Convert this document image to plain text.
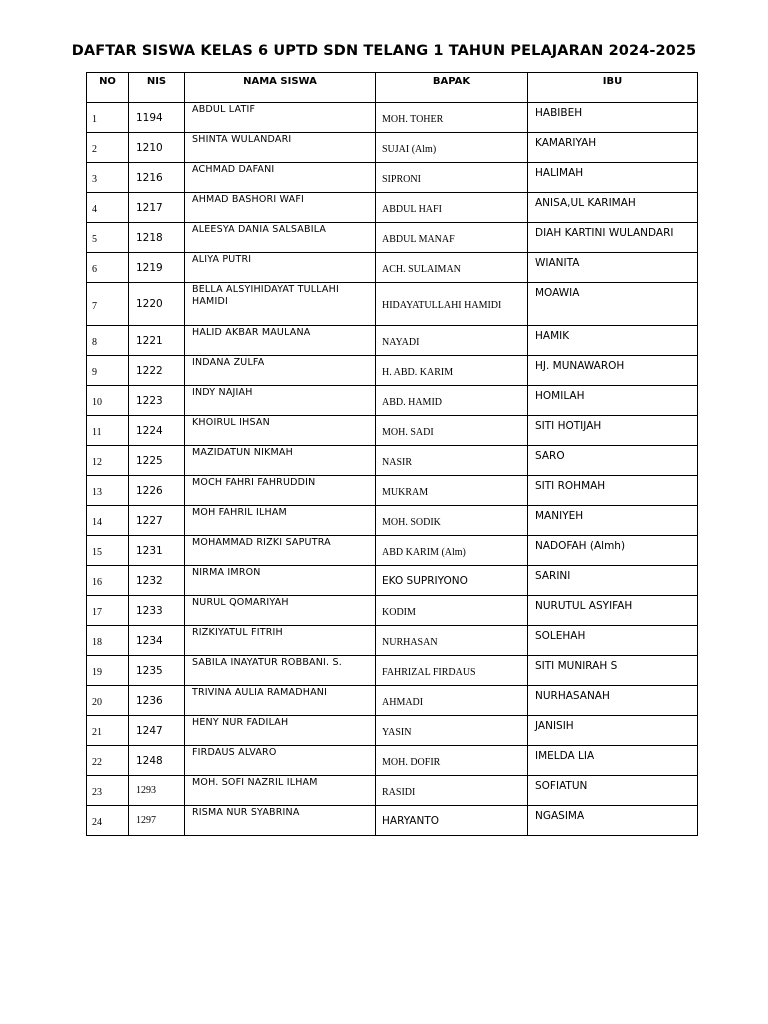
DAFTAR SISWA KELAS 6 UPTD SDN TELANG 1 TAHUN PELAJARAN 2024-2025
NO	NIS	NAMA SISWA	BAPAK	IBU
1	1194	ABDUL LATIF	MOH. TOHER	HABIBEH
2	1210	SHINTA WULANDARI	SUJAI (Alm)	KAMARIYAH
3	1216	ACHMAD DAFANI	SIPRONI	HALIMAH
4	1217	AHMAD BASHORI WAFI	ABDUL HAFI	ANISA,UL KARIMAH
5	1218	ALEESYA DANIA SALSABILA	ABDUL MANAF	DIAH KARTINI WULANDARI
6	1219	ALIYA PUTRI	ACH. SULAIMAN	WIANITA
7	1220	BELLA ALSYIHIDAYAT TULLAHI HAMIDI	HIDAYATULLAHI HAMIDI	MOAWIA
8	1221	HALID AKBAR MAULANA	NAYADI	HAMIK
9	1222	INDANA ZULFA	H. ABD. KARIM	HJ. MUNAWAROH
10	1223	INDY NAJIAH	ABD. HAMID	HOMILAH
11	1224	KHOIRUL IHSAN	MOH. SADI	SITI HOTIJAH
12	1225	MAZIDATUN NIKMAH	NASIR	SARO
13	1226	MOCH FAHRI FAHRUDDIN	MUKRAM	SITI ROHMAH
14	1227	MOH FAHRIL ILHAM	MOH. SODIK	MANIYEH
15	1231	MOHAMMAD RIZKI SAPUTRA	ABD KARIM (Alm)	NADOFAH (Almh)
16	1232	NIRMA IMRON	EKO SUPRIYONO	SARINI
17	1233	NURUL QOMARIYAH	KODIM	NURUTUL ASYIFAH
18	1234	RIZKIYATUL FITRIH	NURHASAN	SOLEHAH
19	1235	SABILA INAYATUR ROBBANI. S.	FAHRIZAL FIRDAUS	SITI MUNIRAH S
20	1236	TRIVINA AULIA RAMADHANI	AHMADI	NURHASANAH
21	1247	HENY NUR FADILAH	YASIN	JANISIH
22	1248	FIRDAUS ALVARO	MOH. DOFIR	IMELDA LIA
23	1293	MOH. SOFI NAZRIL ILHAM	RASIDI	SOFIATUN
24	1297	RISMA NUR SYABRINA	HARYANTO	NGASIMA
